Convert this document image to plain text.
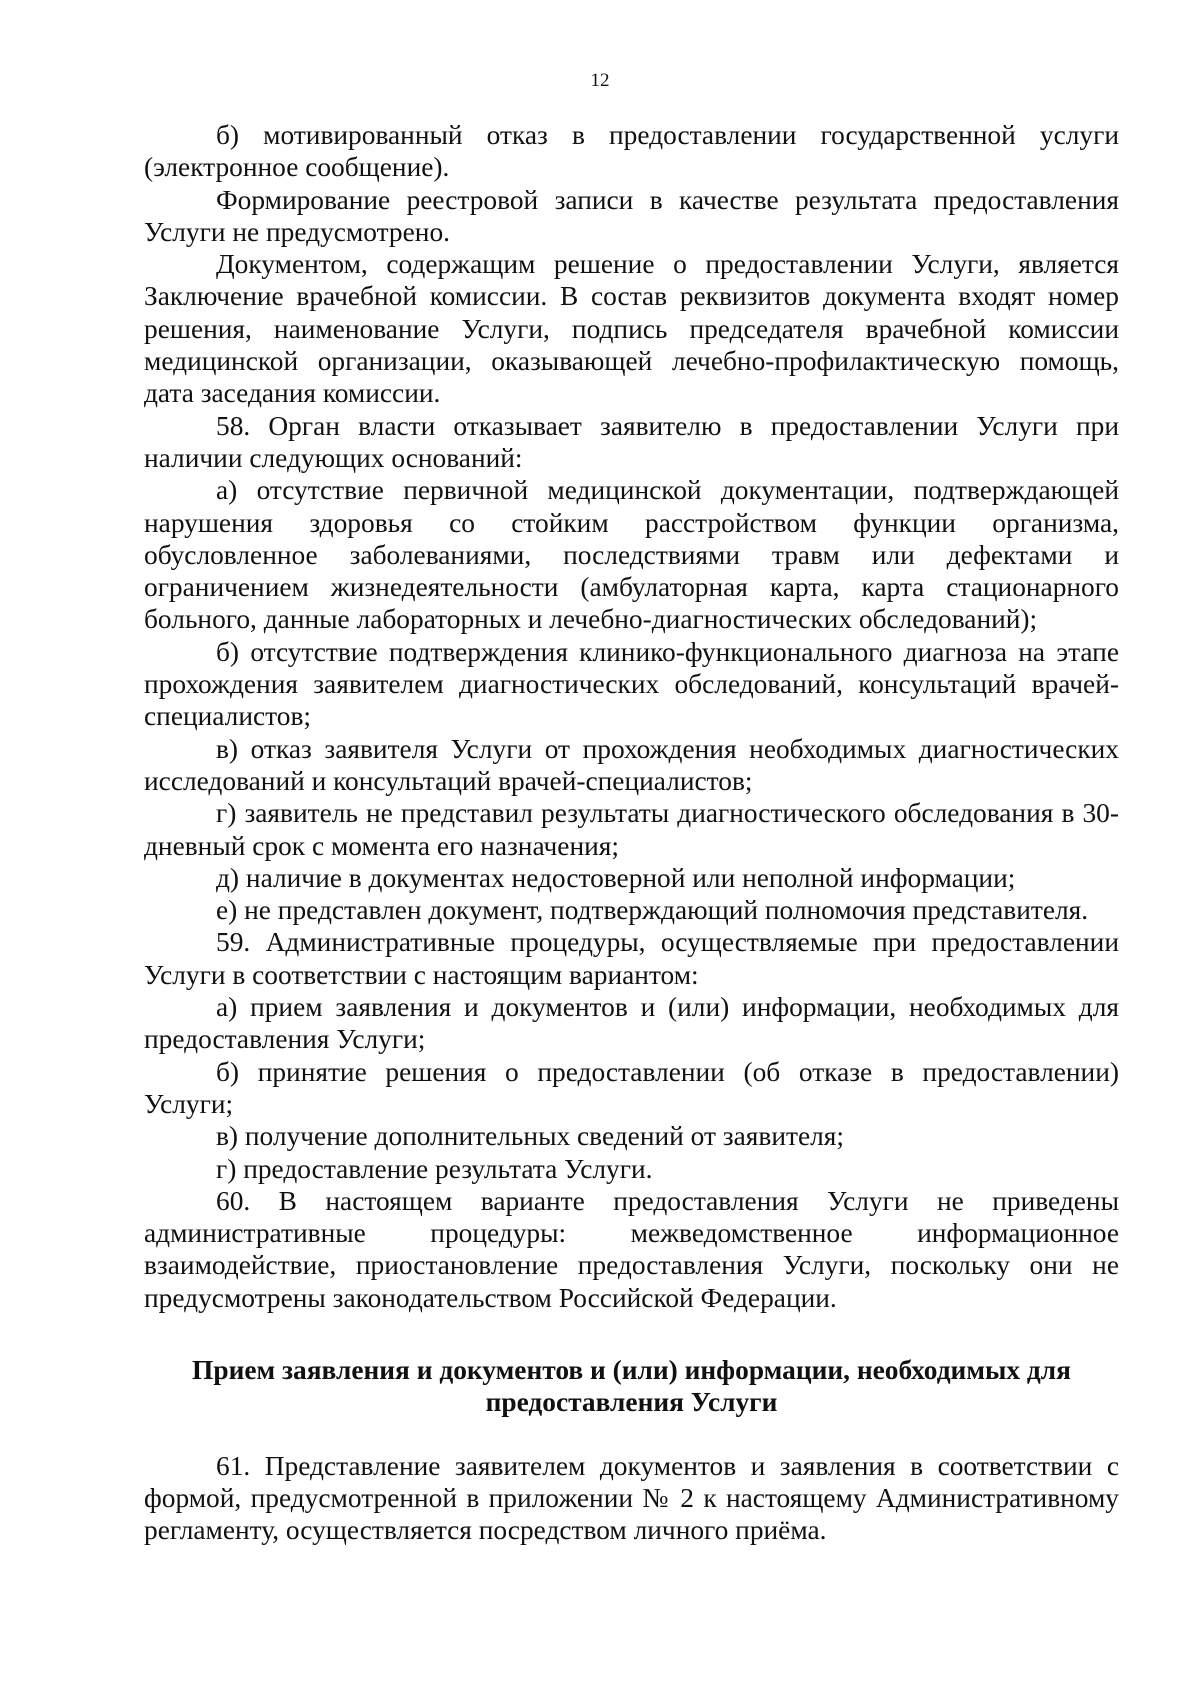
12

б) мотивированный отказ в предоставлении государственной услуги (электронное сообщение).

Формирование реестровой записи в качестве результата предоставления Услуги не предусмотрено.

Документом, содержащим решение о предоставлении Услуги, является Заключение врачебной комиссии. В состав реквизитов документа входят номер решения, наименование Услуги, подпись председателя врачебной комиссии медицинской организации, оказывающей лечебно-профилактическую помощь, дата заседания комиссии.

58. Орган власти отказывает заявителю в предоставлении Услуги при наличии следующих оснований:

а) отсутствие первичной медицинской документации, подтверждающей нарушения здоровья со стойким расстройством функции организма, обусловленное заболеваниями, последствиями травм или дефектами и ограничением жизнедеятельности (амбулаторная карта, карта стационарного больного, данные лабораторных и лечебно-диагностических обследований);

б) отсутствие подтверждения клинико-функционального диагноза на этапе прохождения заявителем диагностических обследований, консультаций врачей-специалистов;

в) отказ заявителя Услуги от прохождения необходимых диагностических исследований и консультаций врачей-специалистов;

г) заявитель не представил результаты диагностического обследования в 30-дневный срок с момента его назначения;

д) наличие в документах недостоверной или неполной информации;

е) не представлен документ, подтверждающий полномочия представителя.

59. Административные процедуры, осуществляемые при предоставлении Услуги в соответствии с настоящим вариантом:

а) прием заявления и документов и (или) информации, необходимых для предоставления Услуги;

б) принятие решения о предоставлении (об отказе в предоставлении) Услуги;

в) получение дополнительных сведений от заявителя;

г) предоставление результата Услуги.

60. В настоящем варианте предоставления Услуги не приведены административные процедуры: межведомственное информационное взаимодействие, приостановление предоставления Услуги, поскольку они не предусмотрены законодательством Российской Федерации.

Прием заявления и документов и (или) информации, необходимых для
предоставления Услуги

61. Представление заявителем документов и заявления в соответствии с формой, предусмотренной в приложении № 2 к настоящему Административному регламенту, осуществляется посредством личного приёма.
